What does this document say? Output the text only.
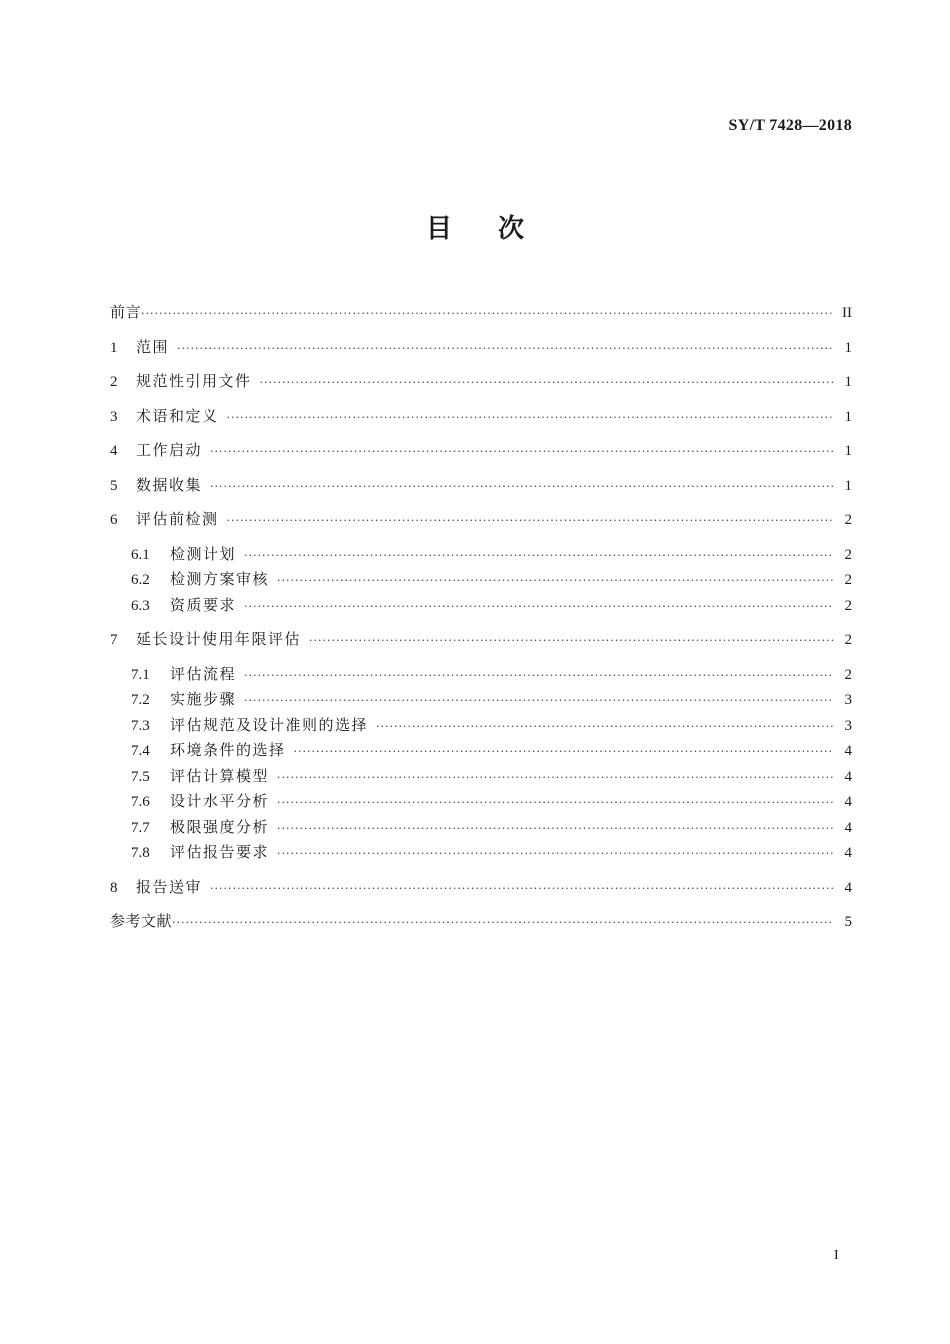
SY/T 7428—2018
目次
前言 ·····	II
1	范围 ·····	1
2	规范性引用文件 ·····	1
3	术语和定义 ·····	1
4	工作启动 ·····	1
5	数据收集 ·····	1
6	评估前检测 ·····	2
6.1	检测计划 ·····	2
6.2	检测方案审核 ·····	2
6.3	资质要求 ·····	2
7	延长设计使用年限评估 ·····	2
7.1	评估流程 ·····	2
7.2	实施步骤 ·····	3
7.3	评估规范及设计准则的选择 ·····	3
7.4	环境条件的选择 ·····	4
7.5	评估计算模型 ·····	4
7.6	设计水平分析 ·····	4
7.7	极限强度分析 ·····	4
7.8	评估报告要求 ·····	4
8	报告送审 ·····	4
参考文献 ·····	5
I
